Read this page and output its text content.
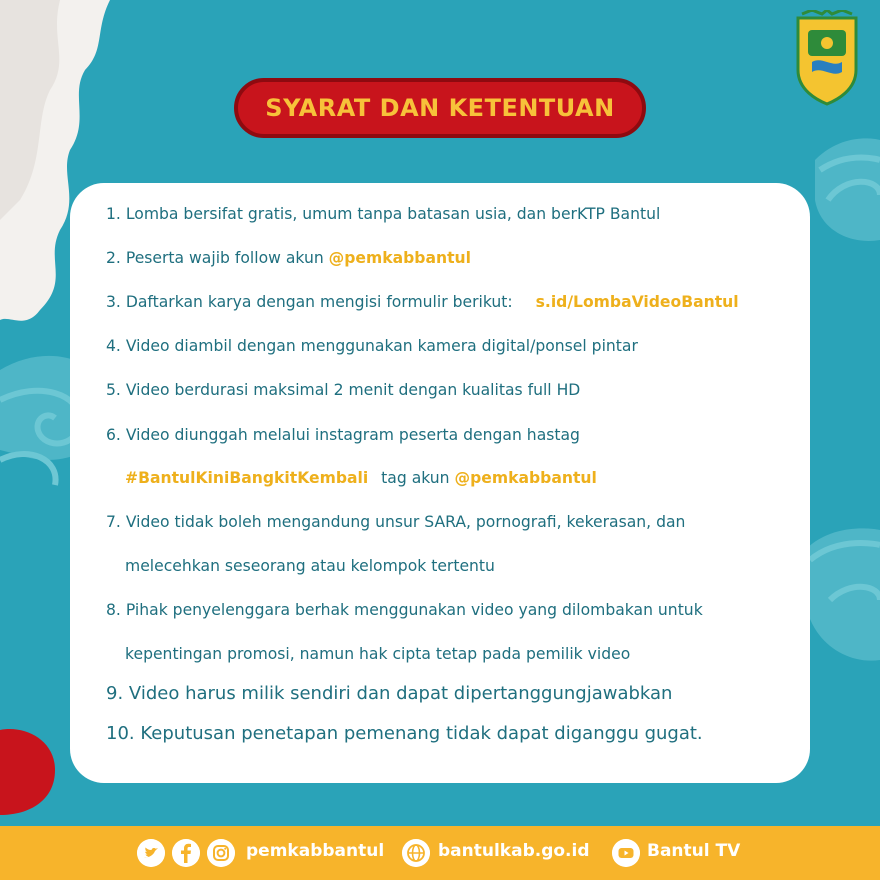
SYARAT DAN KETENTUAN
1. Lomba bersifat gratis, umum tanpa batasan usia, dan berKTP Bantul
2. Peserta wajib follow akun @pemkabbantul
3. Daftarkan karya dengan mengisi formulir berikut: s.id/LombaVideoBantul
4. Video diambil dengan menggunakan kamera digital/ponsel pintar
5. Video berdurasi maksimal 2 menit dengan kualitas full HD
6. Video diunggah melalui instagram peserta dengan hastag
#BantulKiniBangkitKembali tag akun @pemkabbantul
7. Video tidak boleh mengandung unsur SARA, pornografi, kekerasan, dan
melecehkan seseorang atau kelompok tertentu
8. Pihak penyelenggara berhak menggunakan video yang dilombakan untuk
kepentingan promosi, namun hak cipta tetap pada pemilik video
9. Video harus milik sendiri dan dapat dipertanggungjawabkan
10. Keputusan penetapan pemenang tidak dapat diganggu gugat.
pemkabbantul	bantulkab.go.id	Bantul TV
